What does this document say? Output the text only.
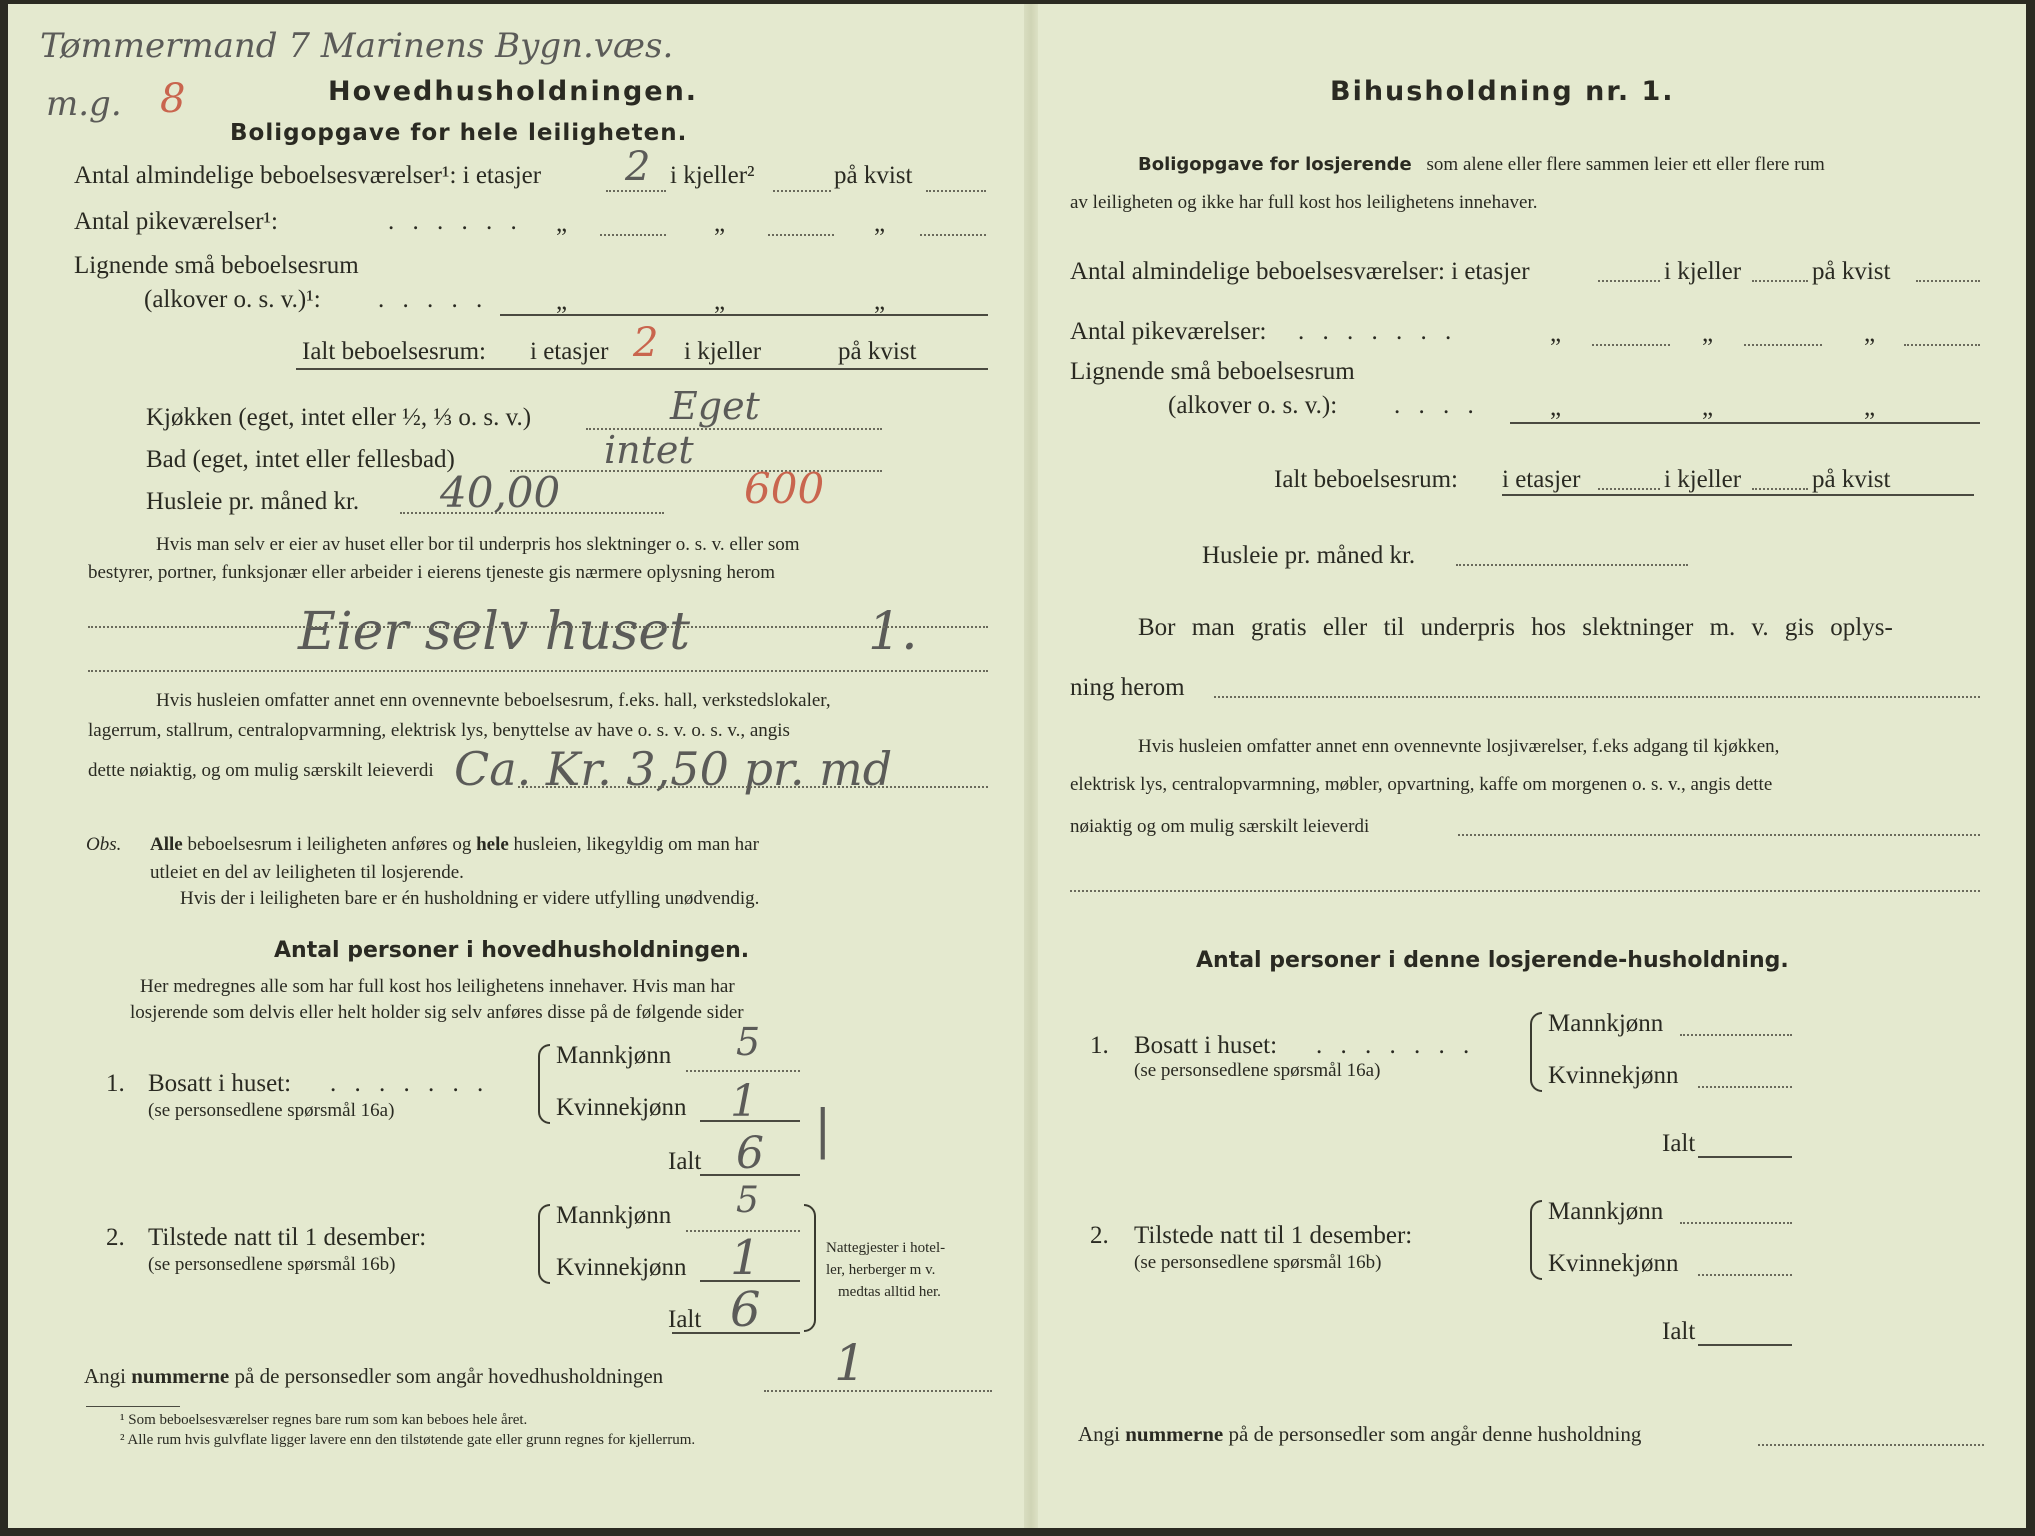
Tømmermand 7 Marinens Bygn.væs.
m.g. 8	Hovedhusholdningen.
Boligopgave for hele leiligheten.
Antal almindelige beboelsesværelser¹: i etasjer 2 i kjeller²	på kvist
Antal pikeværelser¹:	. . . . . . „	„	„
Lignende små beboelsesrum
(alkover o. s. v.)¹: . . . . .	„	„	„
Ialt beboelsesrum: i etasjer 2 i kjeller	på kvist
Kjøkken (eget, intet eller ½, ⅓ o. s. v.)	Eget
Bad (eget, intet eller fellesbad)	intet
Husleie pr. måned kr. 40,00	600
Hvis man selv er eier av huset eller bor til underpris hos slektninger o. s. v. eller som
bestyrer, portner, funksjonær eller arbeider i eierens tjeneste gis nærmere oplysning herom
Eier selv huset	1.
Hvis husleien omfatter annet enn ovennevnte beboelsesrum, f.eks. hall, verkstedslokaler,
lagerrum, stallrum, centralopvarmning, elektrisk lys, benyttelse av have o. s. v. o. s. v., angis
dette nøiaktig, og om mulig særskilt leieverdi Ca. Kr. 3,50 pr. md
Obs. Alle beboelsesrum i leiligheten anføres og hele husleien, likegyldig om man har
utleiet en del av leiligheten til losjerende.
Hvis der i leiligheten bare er én husholdning er videre utfylling unødvendig.
Antal personer i hovedhusholdningen.
Her medregnes alle som har full kost hos leilighetens innehaver. Hvis man har
losjerende som delvis eller helt holder sig selv anføres disse på de følgende sider
1. Bosatt i huset: . . . . . . .
(se personsedlene spørsmål 16a)
Mannkjønn 5
Kvinnekjønn 1
Ialt 6 |
2. Tilstede natt til 1 desember:
(se personsedlene spørsmål 16b)
Mannkjønn 5
Kvinnekjønn 1
Ialt 6
Nattegjester i hotel-
ler, herberger m v.
medtas alltid her.
Angi nummerne på de personsedler som angår hovedhusholdningen	1
¹ Som beboelsesværelser regnes bare rum som kan beboes hele året.
² Alle rum hvis gulvflate ligger lavere enn den tilstøtende gate eller grunn regnes for kjellerrum.
Bihusholdning nr. 1.
Boligopgave for losjerende som alene eller flere sammen leier ett eller flere rum
av leiligheten og ikke har full kost hos leilighetens innehaver.
Antal almindelige beboelsesværelser: i etasjer	i kjeller	på kvist
Antal pikeværelser: . . . . . . .	„	„	„
Lignende små beboelsesrum
(alkover o. s. v.): . . . .	„	„	„
Ialt beboelsesrum: i etasjer	i kjeller	på kvist
Husleie pr. måned kr.
Bor man gratis eller til underpris hos slektninger m. v. gis oplys-
ning herom
Hvis husleien omfatter annet enn ovennevnte losjiværelser, f.eks adgang til kjøkken,
elektrisk lys, centralopvarmning, møbler, opvartning, kaffe om morgenen o. s. v., angis dette
nøiaktig og om mulig særskilt leieverdi
Antal personer i denne losjerende-husholdning.
1. Bosatt i huset: . . . . . . .
(se personsedlene spørsmål 16a)
Mannkjønn
Kvinnekjønn
Ialt
2. Tilstede natt til 1 desember:
(se personsedlene spørsmål 16b)
Mannkjønn
Kvinnekjønn
Ialt
Angi nummerne på de personsedler som angår denne husholdning
